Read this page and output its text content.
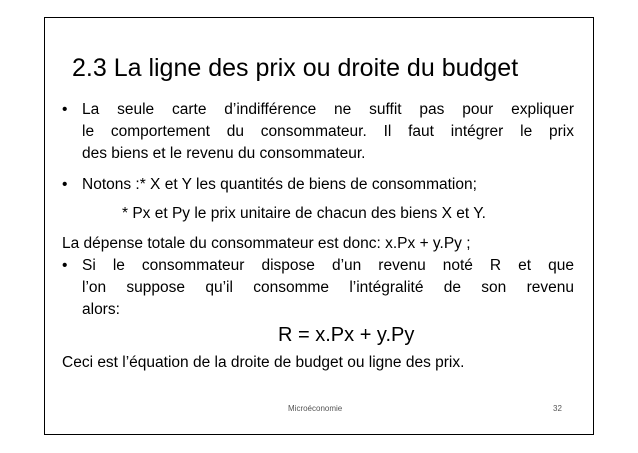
2.3 La ligne des prix ou droite du budget
• La seule carte d’indifférence ne suffit pas pour expliquer
le comportement du consommateur. Il faut intégrer le prix
des biens et le revenu du consommateur.
• Notons :* X et Y les quantités de biens de consommation;
* Px et Py le prix unitaire de chacun des biens X et Y.
La dépense totale du consommateur est donc: x.Px + y.Py ;
• Si le consommateur dispose d’un revenu noté R et que
l’on suppose qu’il consomme l’intégralité de son revenu
alors:
R = x.Px + y.Py
Ceci est l’équation de la droite de budget ou ligne des prix.
Microéconomie	32
